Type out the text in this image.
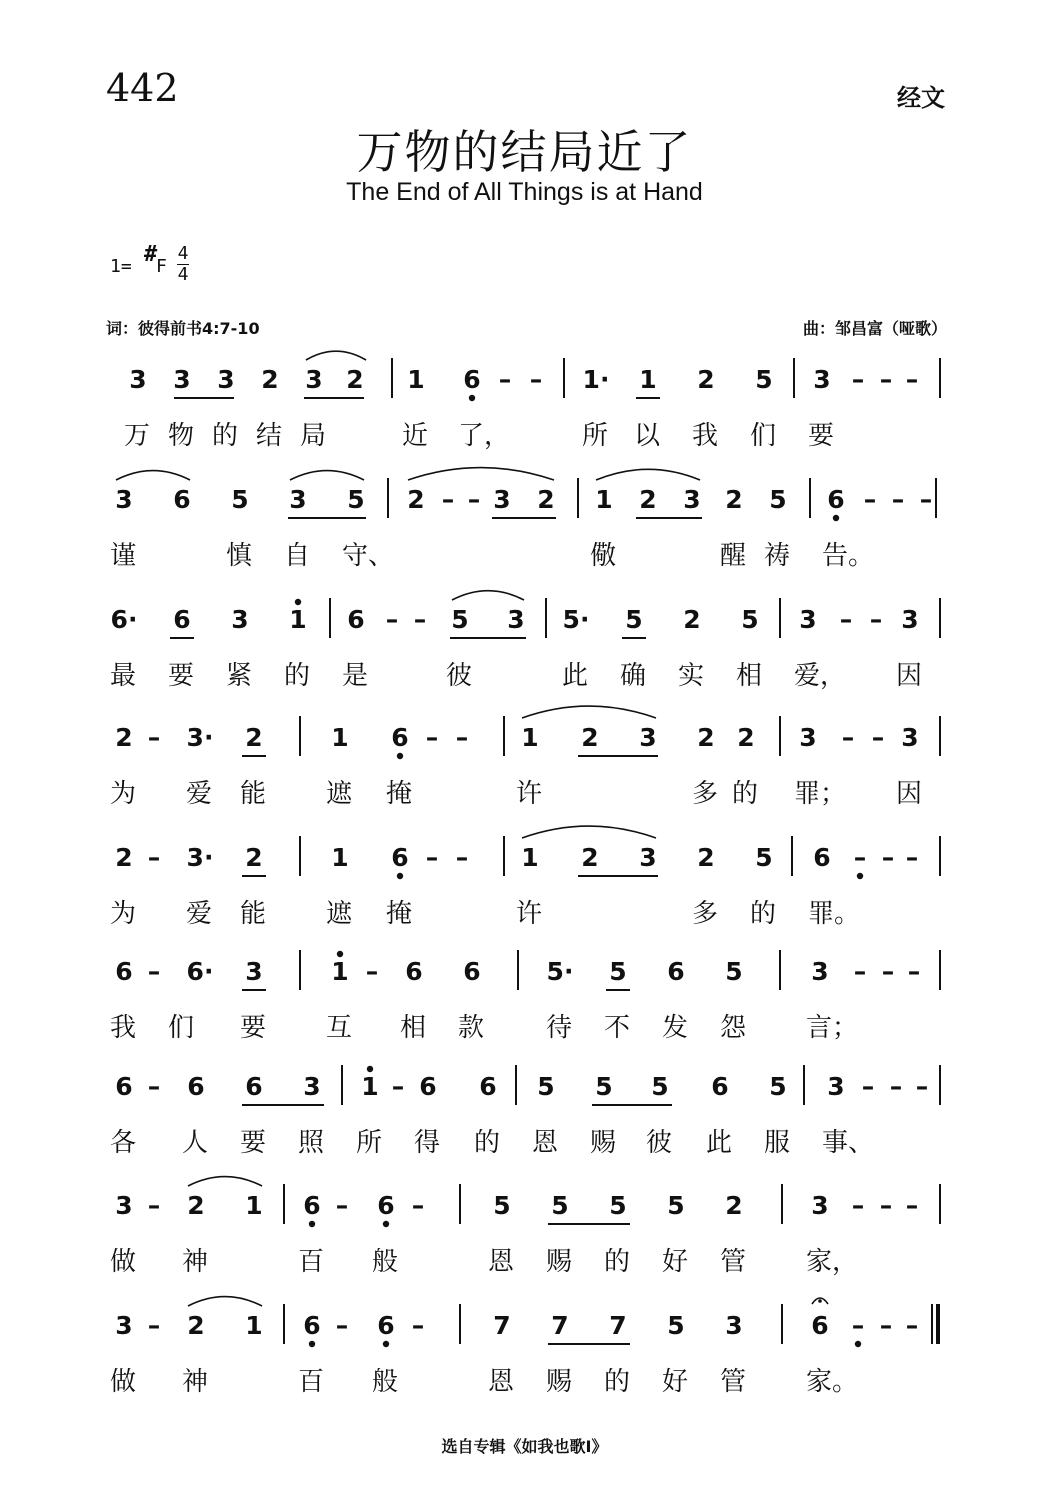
442	经文
万物的结局近了
The End of All Things is at Hand
1= #
F
4
4
词：彼得前书4:7-10	曲：邹昌富（哑歌）
3 3 3 2 3 2 1 6 – – 1· 1 2 5 3 – – –
万 物 的 结 局	近 了，	所 以 我 们 要
3 6 5 3 5 2 – – 3 2 1 2 3 2 5 6 – – –
谨	慎 自 守、	儆	醒 祷 告。
6· 6 3 1 6 – – 5 3 5· 5 2 5 3 – – 3
最 要 紧 的 是	彼	此 确 实 相 爱， 因
2 – 3· 2	1 6 – – 1 2 3 2 2 3 – – 3
为 爱 能 遮 掩	许	多 的 罪； 因
2 – 3· 2	1 6 – – 1 2 3 2 5 6 – – –
为 爱 能 遮 掩	许	多 的 罪。
6 – 6· 3	1 – 6 6	5· 5 6 5	3 – – –
我 们 要 互 相 款 待 不 发 怨 言；
6 – 6 6 3 1 – 6 6 5 5 5 6 5 3 – – –
各 人 要 照 所 得 的 恩 赐 彼 此 服 事、
3 – 2 1 6 – 6 –	5 5 5 5 2	3 – – –
做 神	百 般	恩 赐 的 好 管 家，
3 – 2 1 6 – 6 –	7 7 7 5 3	6 – – –
做 神	百 般	恩 赐 的 好 管 家。
选自专辑《如我也歌I》
